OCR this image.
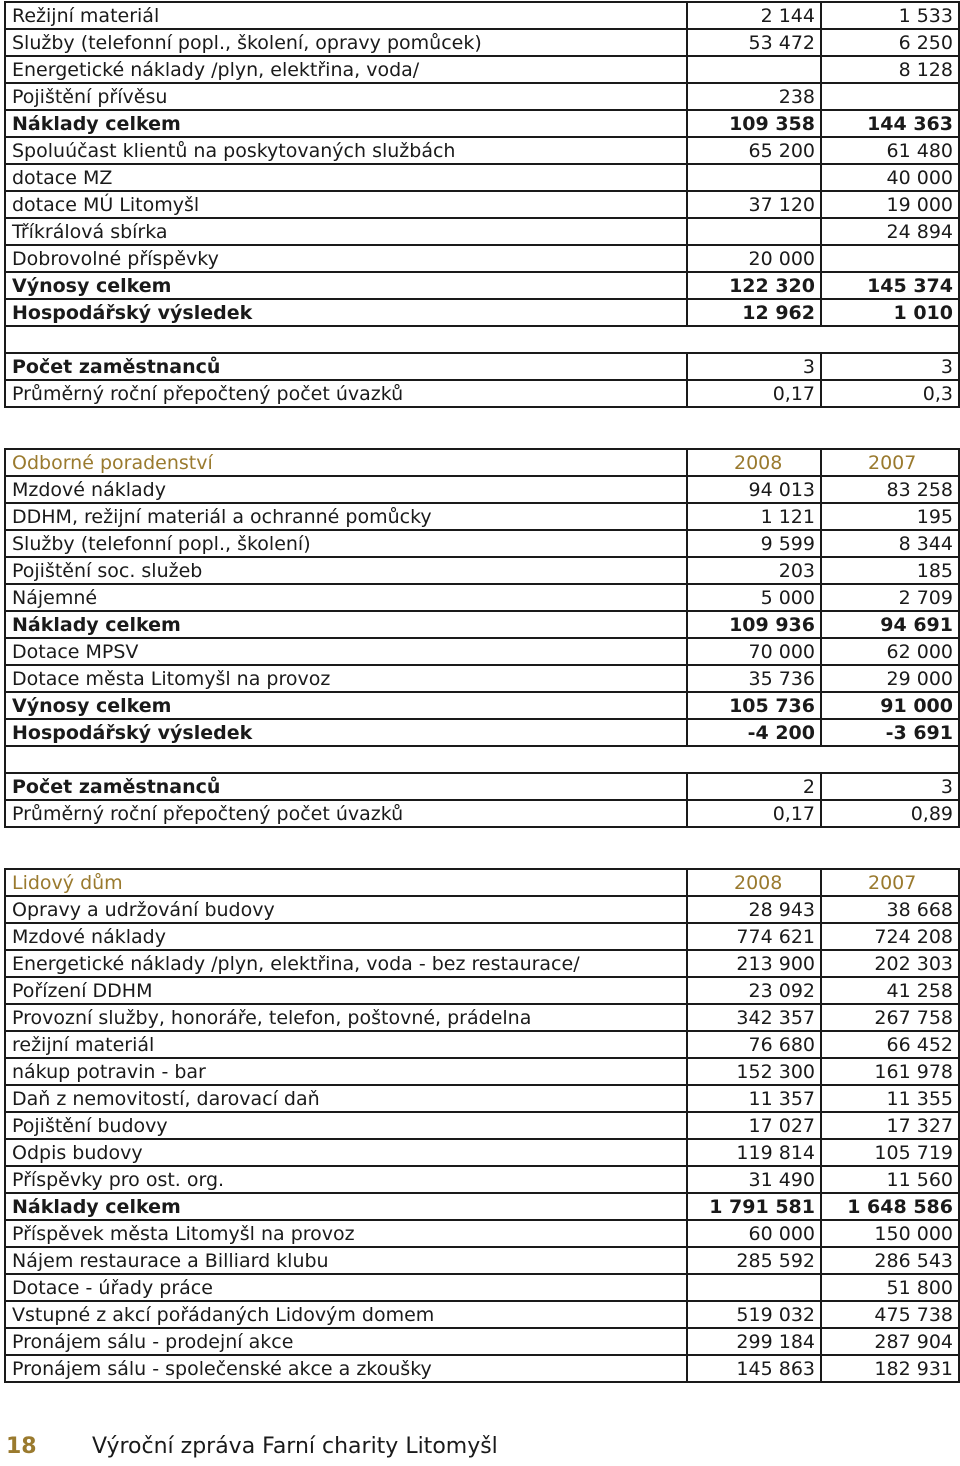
Režijní materiál	2 144	1 533
Služby (telefonní popl., školení, opravy pomůcek)	53 472	6 250
Energetické náklady /plyn, elektřina, voda/		8 128
Pojištění přívěsu	238	
Náklady celkem	109 358	144 363
Spoluúčast klientů na poskytovaných službách	65 200	61 480
dotace MZ		40 000
dotace MÚ Litomyšl	37 120	19 000
Tříkrálová sbírka		24 894
Dobrovolné příspěvky	20 000	
Výnosy celkem	122 320	145 374
Hospodářský výsledek	12 962	1 010

Počet zaměstnanců	3	3
Průměrný roční přepočtený počet úvazků	0,17	0,3
Odborné poradenství	2008	2007
Mzdové náklady	94 013	83 258
DDHM, režijní materiál a ochranné pomůcky	1 121	195
Služby (telefonní popl., školení)	9 599	8 344
Pojištění soc. služeb	203	185
Nájemné	5 000	2 709
Náklady celkem	109 936	94 691
Dotace MPSV	70 000	62 000
Dotace města Litomyšl na provoz	35 736	29 000
Výnosy celkem	105 736	91 000
Hospodářský výsledek	-4 200	-3 691

Počet zaměstnanců	2	3
Průměrný roční přepočtený počet úvazků	0,17	0,89
Lidový dům	2008	2007
Opravy a udržování budovy	28 943	38 668
Mzdové náklady	774 621	724 208
Energetické náklady /plyn, elektřina, voda - bez restaurace/	213 900	202 303
Pořízení DDHM	23 092	41 258
Provozní služby, honoráře, telefon, poštovné, prádelna	342 357	267 758
režijní materiál	76 680	66 452
nákup potravin - bar	152 300	161 978
Daň z nemovitostí, darovací daň	11 357	11 355
Pojištění budovy	17 027	17 327
Odpis budovy	119 814	105 719
Příspěvky pro ost. org.	31 490	11 560
Náklady celkem	1 791 581	1 648 586
Příspěvek města Litomyšl na provoz	60 000	150 000
Nájem restaurace a Billiard klubu	285 592	286 543
Dotace - úřady práce		51 800
Vstupné z akcí pořádaných Lidovým domem	519 032	475 738
Pronájem sálu - prodejní akce	299 184	287 904
Pronájem sálu - společenské akce a zkoušky	145 863	182 931
18	Výroční zpráva Farní charity Litomyšl
